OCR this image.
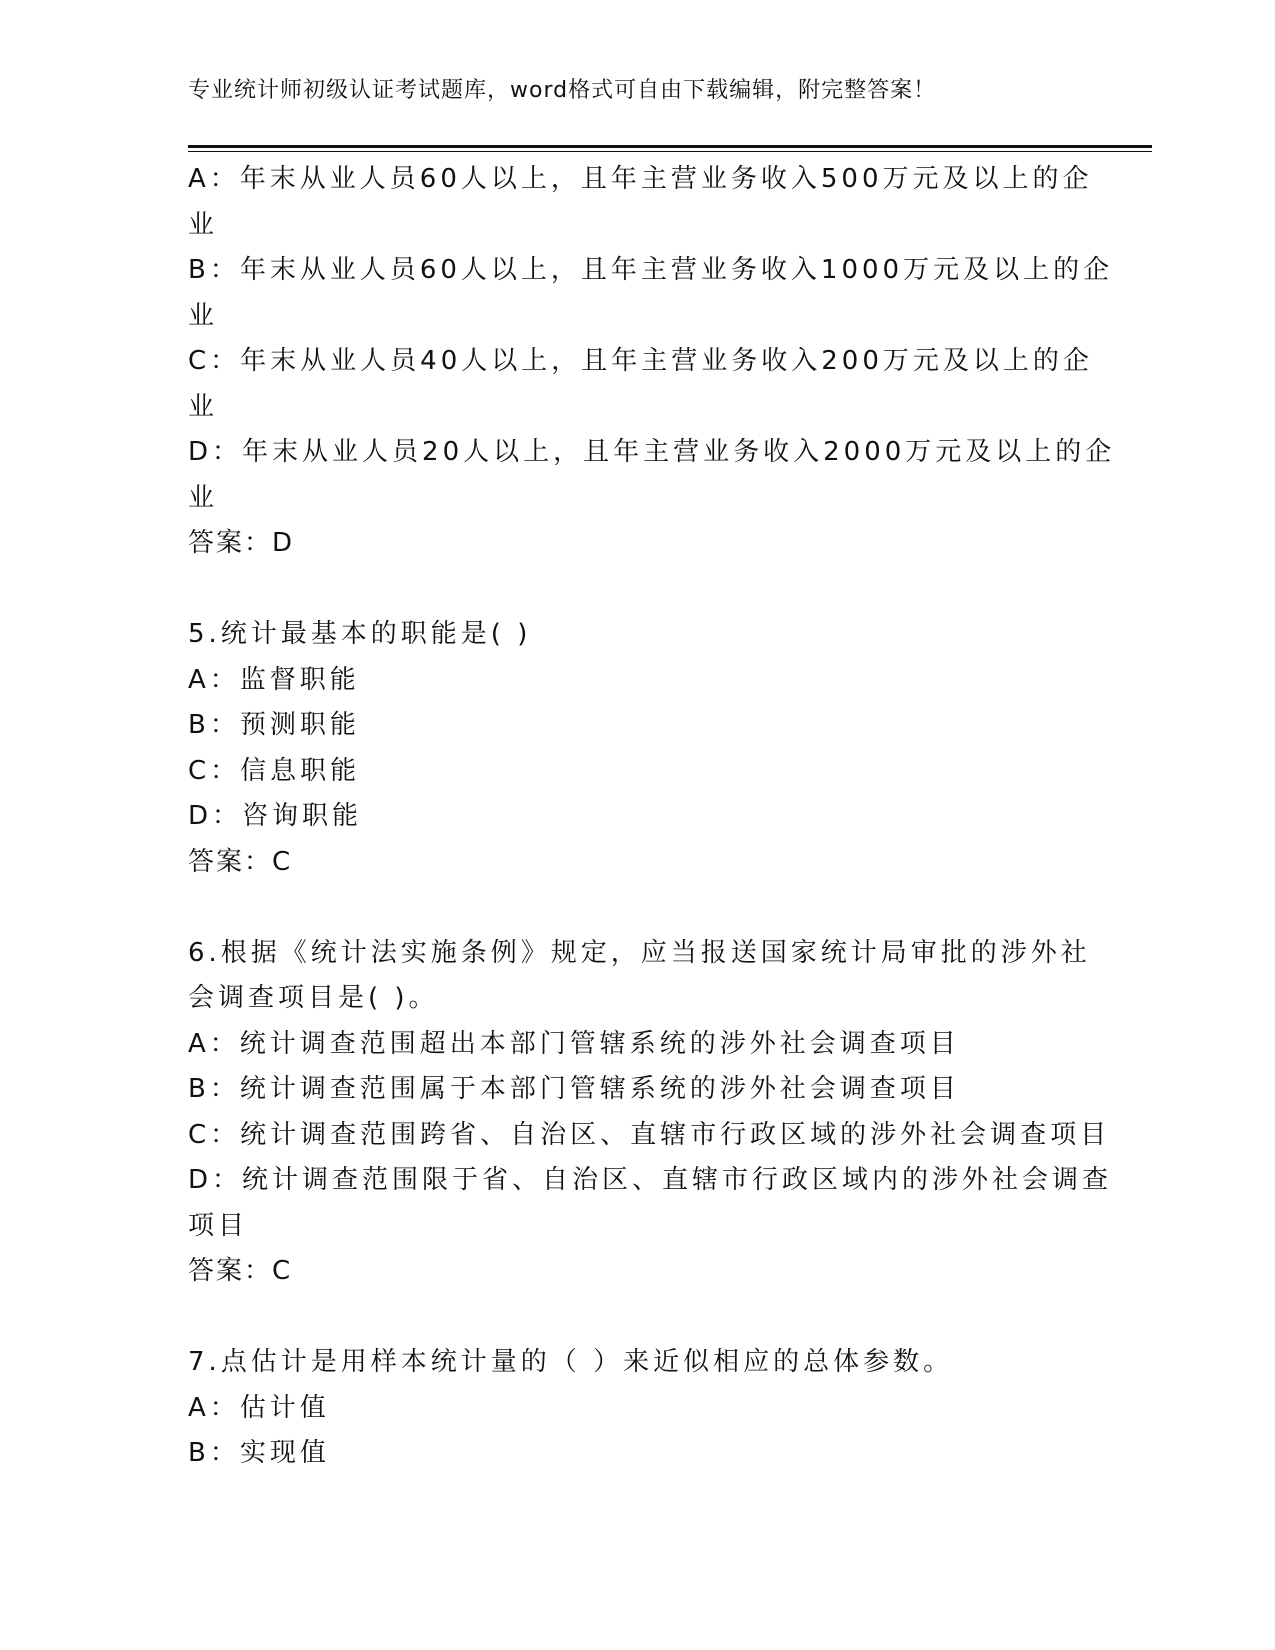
专业统计师初级认证考试题库，word格式可自由下载编辑，附完整答案！
A：年末从业人员60人以上，且年主营业务收入500万元及以上的企
业
B：年末从业人员60人以上，且年主营业务收入1000万元及以上的企
业
C：年末从业人员40人以上，且年主营业务收入200万元及以上的企
业
D：年末从业人员20人以上，且年主营业务收入2000万元及以上的企
业
答案：D
5.统计最基本的职能是( )
A：监督职能
B：预测职能
C：信息职能
D：咨询职能
答案：C
6.根据《统计法实施条例》规定，应当报送国家统计局审批的涉外社
会调查项目是( )。
A：统计调查范围超出本部门管辖系统的涉外社会调查项目
B：统计调查范围属于本部门管辖系统的涉外社会调查项目
C：统计调查范围跨省、自治区、直辖市行政区域的涉外社会调查项目
D：统计调查范围限于省、自治区、直辖市行政区域内的涉外社会调查
项目
答案：C
7.点估计是用样本统计量的（ ）来近似相应的总体参数。
A：估计值
B：实现值
